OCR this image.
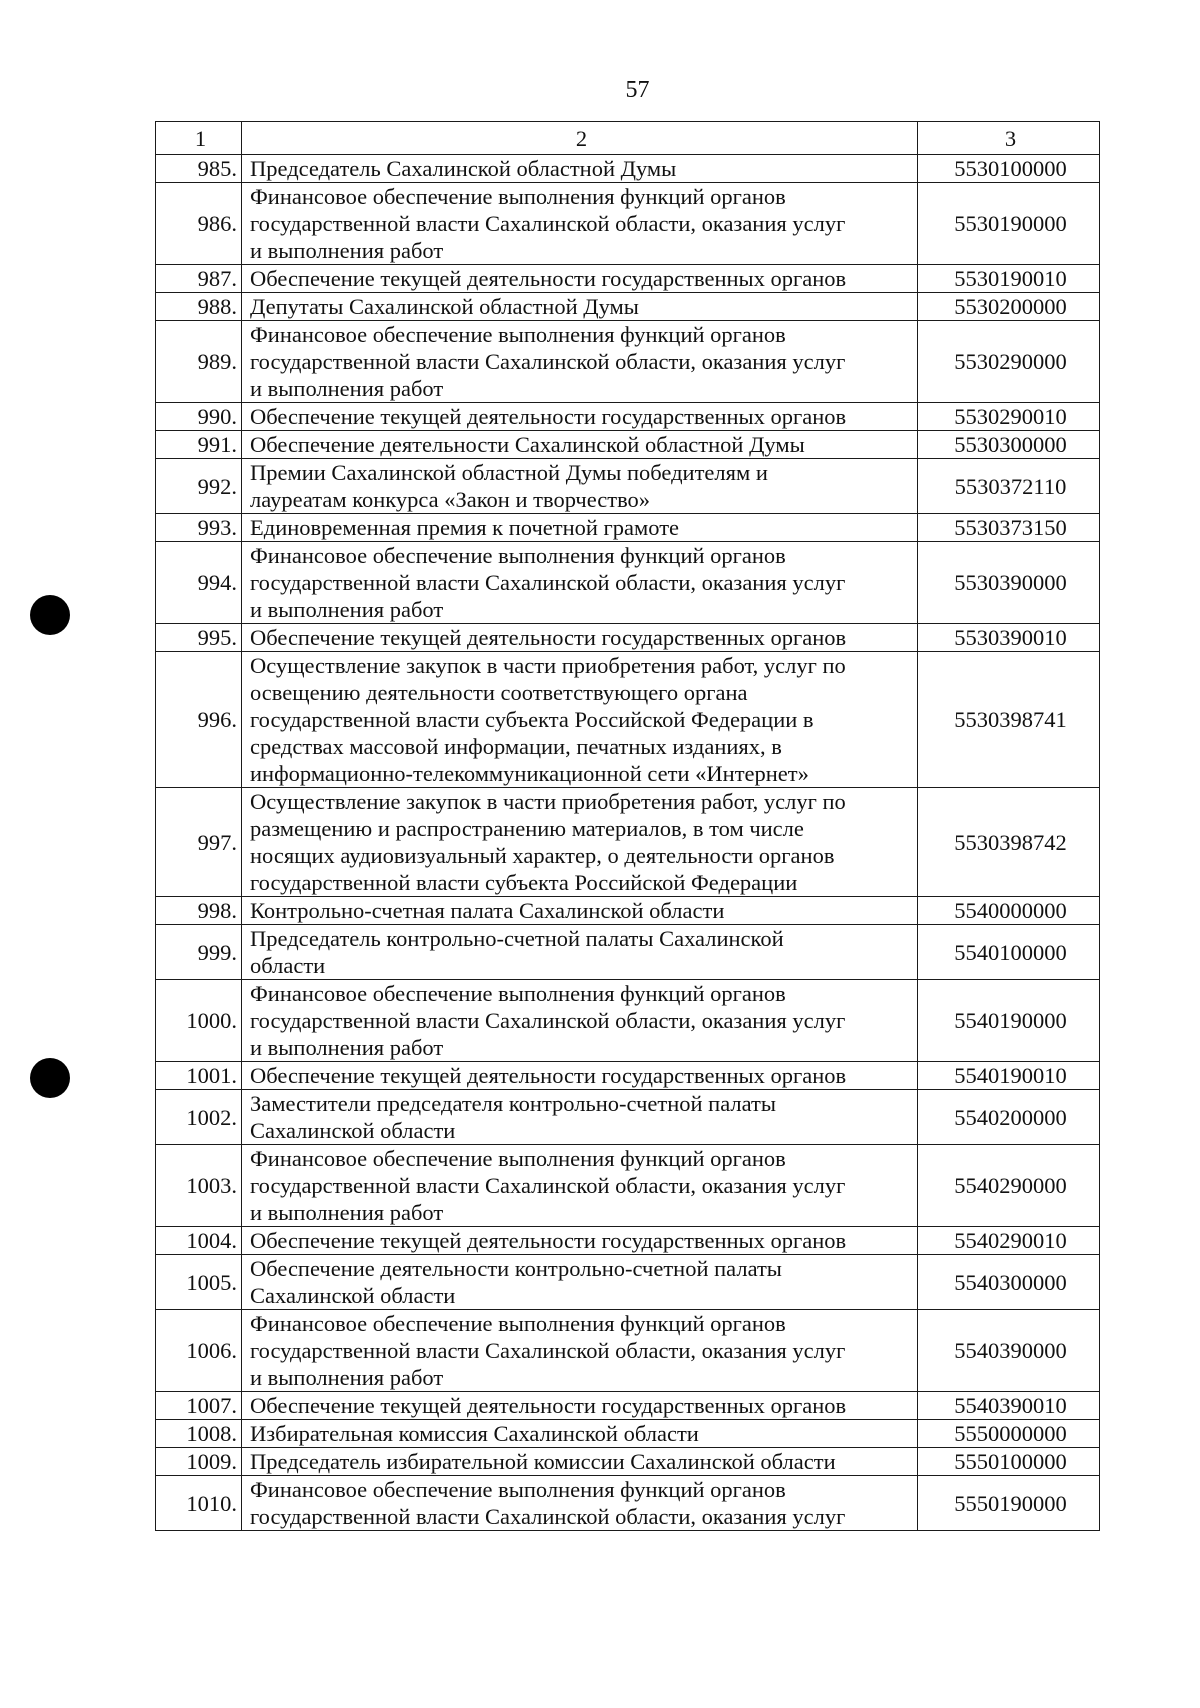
57
1	2	3
985.	Председатель Сахалинской областной Думы	5530100000
986.	Финансовое обеспечение выполнения функций органов
государственной власти Сахалинской области, оказания услуг
и выполнения работ	5530190000
987.	Обеспечение текущей деятельности государственных органов	5530190010
988.	Депутаты Сахалинской областной Думы	5530200000
989.	Финансовое обеспечение выполнения функций органов
государственной власти Сахалинской области, оказания услуг
и выполнения работ	5530290000
990.	Обеспечение текущей деятельности государственных органов	5530290010
991.	Обеспечение деятельности Сахалинской областной Думы	5530300000
992.	Премии Сахалинской областной Думы победителям и
лауреатам конкурса «Закон и творчество»	5530372110
993.	Единовременная премия к почетной грамоте	5530373150
994.	Финансовое обеспечение выполнения функций органов
государственной власти Сахалинской области, оказания услуг
и выполнения работ	5530390000
995.	Обеспечение текущей деятельности государственных органов	5530390010
996.	Осуществление закупок в части приобретения работ, услуг по
освещению деятельности соответствующего органа
государственной власти субъекта Российской Федерации в
средствах массовой информации, печатных изданиях, в
информационно-телекоммуникационной сети «Интернет»	5530398741
997.	Осуществление закупок в части приобретения работ, услуг по
размещению и распространению материалов, в том числе
носящих аудиовизуальный характер, о деятельности органов
государственной власти субъекта Российской Федерации	5530398742
998.	Контрольно-счетная палата Сахалинской области	5540000000
999.	Председатель контрольно-счетной палаты Сахалинской
области	5540100000
1000.	Финансовое обеспечение выполнения функций органов
государственной власти Сахалинской области, оказания услуг
и выполнения работ	5540190000
1001.	Обеспечение текущей деятельности государственных органов	5540190010
1002.	Заместители председателя контрольно-счетной палаты
Сахалинской области	5540200000
1003.	Финансовое обеспечение выполнения функций органов
государственной власти Сахалинской области, оказания услуг
и выполнения работ	5540290000
1004.	Обеспечение текущей деятельности государственных органов	5540290010
1005.	Обеспечение деятельности контрольно-счетной палаты
Сахалинской области	5540300000
1006.	Финансовое обеспечение выполнения функций органов
государственной власти Сахалинской области, оказания услуг
и выполнения работ	5540390000
1007.	Обеспечение текущей деятельности государственных органов	5540390010
1008.	Избирательная комиссия Сахалинской области	5550000000
1009.	Председатель избирательной комиссии Сахалинской области	5550100000
1010.	Финансовое обеспечение выполнения функций органов
государственной власти Сахалинской области, оказания услуг	5550190000
